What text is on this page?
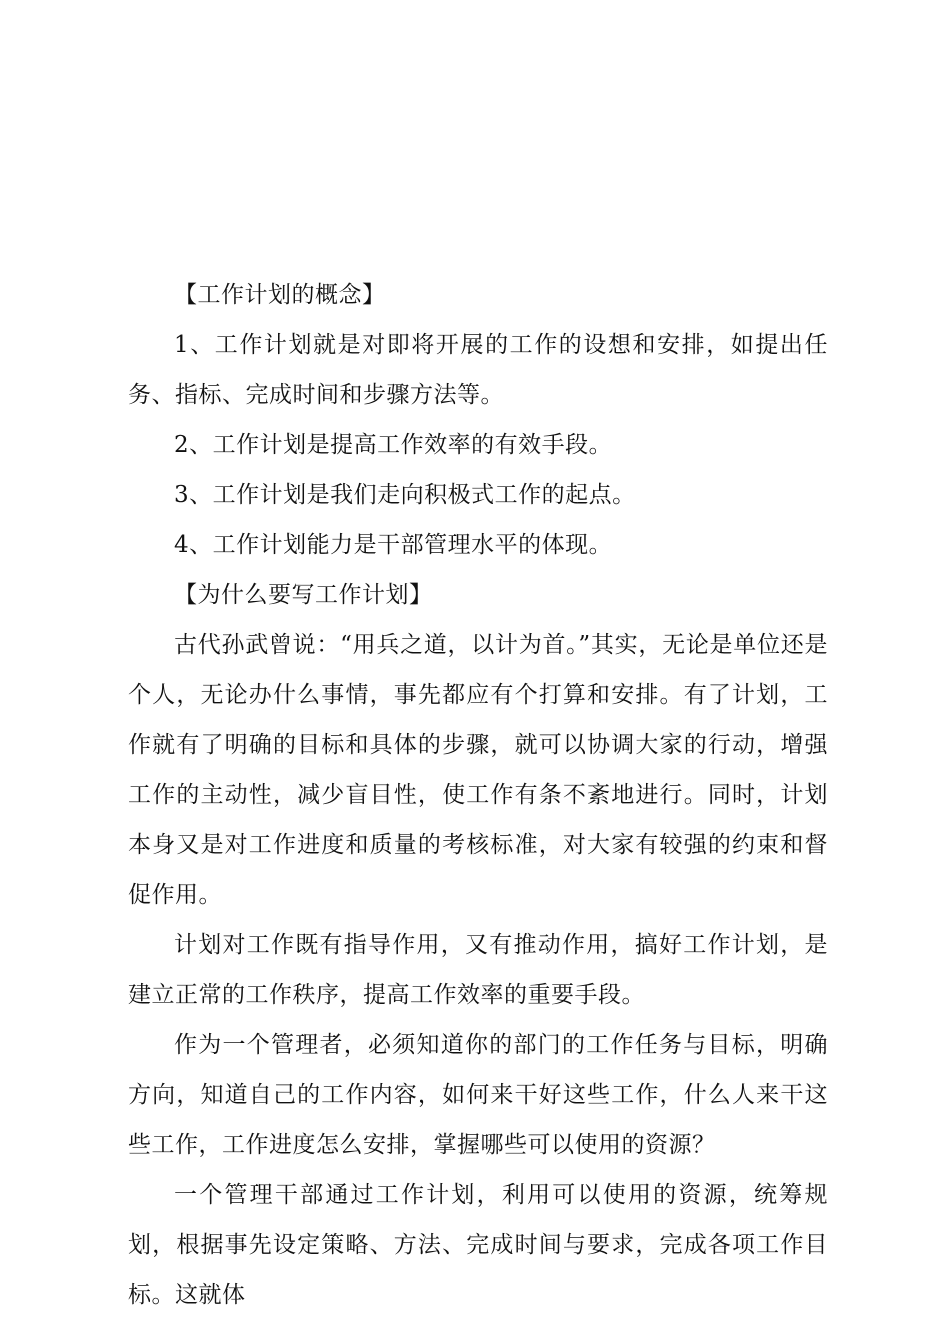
【工作计划的概念】

1、工作计划就是对即将开展的工作的设想和安排，如提出任务、指标、完成时间和步骤方法等。

2、工作计划是提高工作效率的有效手段。

3、工作计划是我们走向积极式工作的起点。

4、工作计划能力是干部管理水平的体现。

【为什么要写工作计划】

古代孙武曾说：“用兵之道，以计为首。”其实，无论是单位还是个人，无论办什么事情，事先都应有个打算和安排。有了计划，工作就有了明确的目标和具体的步骤，就可以协调大家的行动，增强工作的主动性，减少盲目性，使工作有条不紊地进行。同时，计划本身又是对工作进度和质量的考核标准，对大家有较强的约束和督促作用。

计划对工作既有指导作用，又有推动作用，搞好工作计划，是建立正常的工作秩序，提高工作效率的重要手段。

作为一个管理者，必须知道你的部门的工作任务与目标，明确方向，知道自己的工作内容，如何来干好这些工作，什么人来干这些工作，工作进度怎么安排，掌握哪些可以使用的资源？

一个管理干部通过工作计划，利用可以使用的资源，统筹规划，根据事先设定策略、方法、完成时间与要求，完成各项工作目标。这就体
